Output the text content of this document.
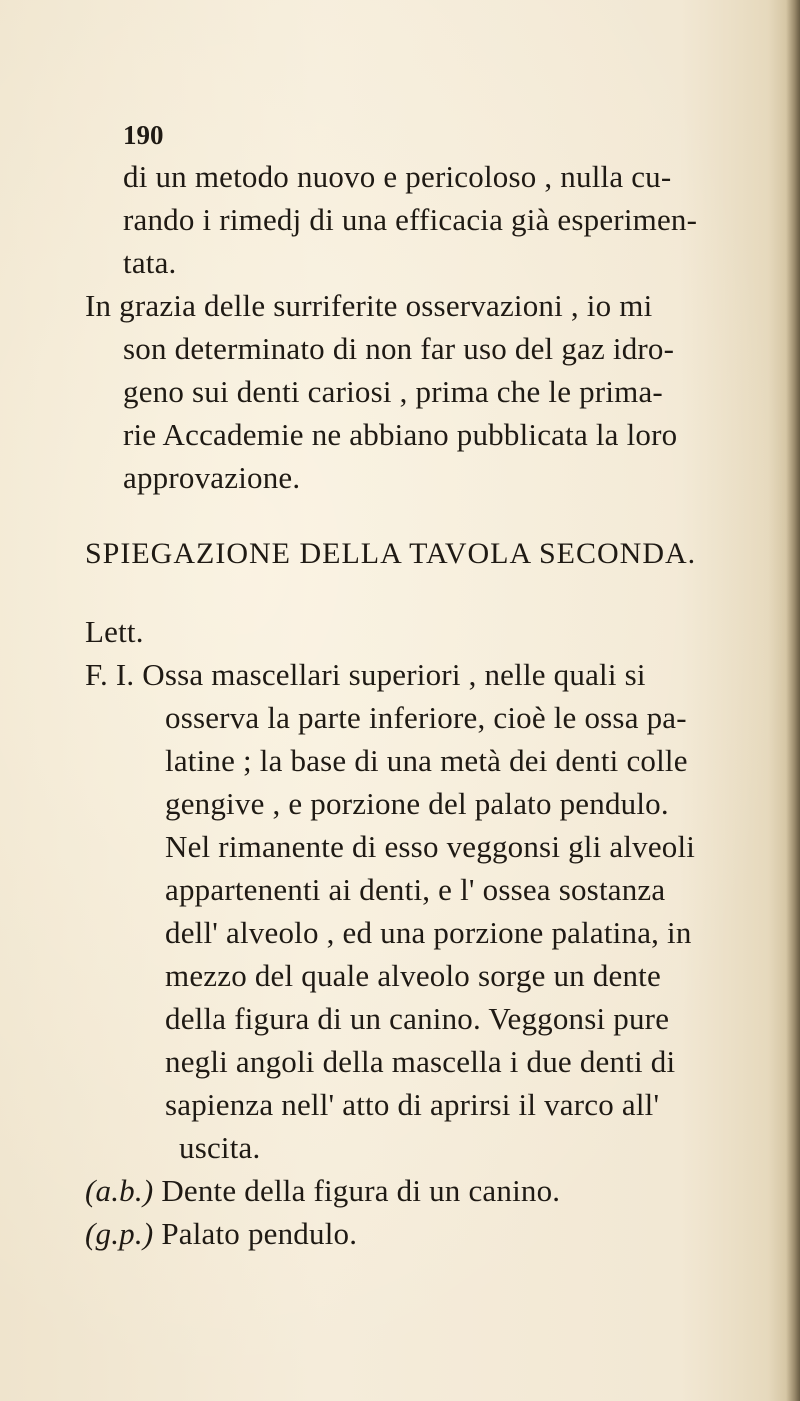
190
di un metodo nuovo e pericoloso , nulla cu-
rando i rimedj di una efficacia già esperimen-
tata.
In grazia delle surriferite osservazioni , io mi
son determinato di non far uso del gaz idro-
geno sui denti cariosi , prima che le prima-
rie Accademie ne abbiano pubblicata la loro
approvazione.
SPIEGAZIONE DELLA TAVOLA SECONDA.
Lett.
F. I. Ossa mascellari superiori , nelle quali si
osserva la parte inferiore, cioè le ossa pa-
latine ; la base di una metà dei denti colle
gengive , e porzione del palato pendulo.
Nel rimanente di esso veggonsi gli alveoli
appartenenti ai denti, e l' ossea sostanza
dell' alveolo , ed una porzione palatina, in
mezzo del quale alveolo sorge un dente
della figura di un canino. Veggonsi pure
negli angoli della mascella i due denti di
sapienza nell' atto di aprirsi il varco all'
uscita.
(a.b.) Dente della figura di un canino.
(g.p.) Palato pendulo.
